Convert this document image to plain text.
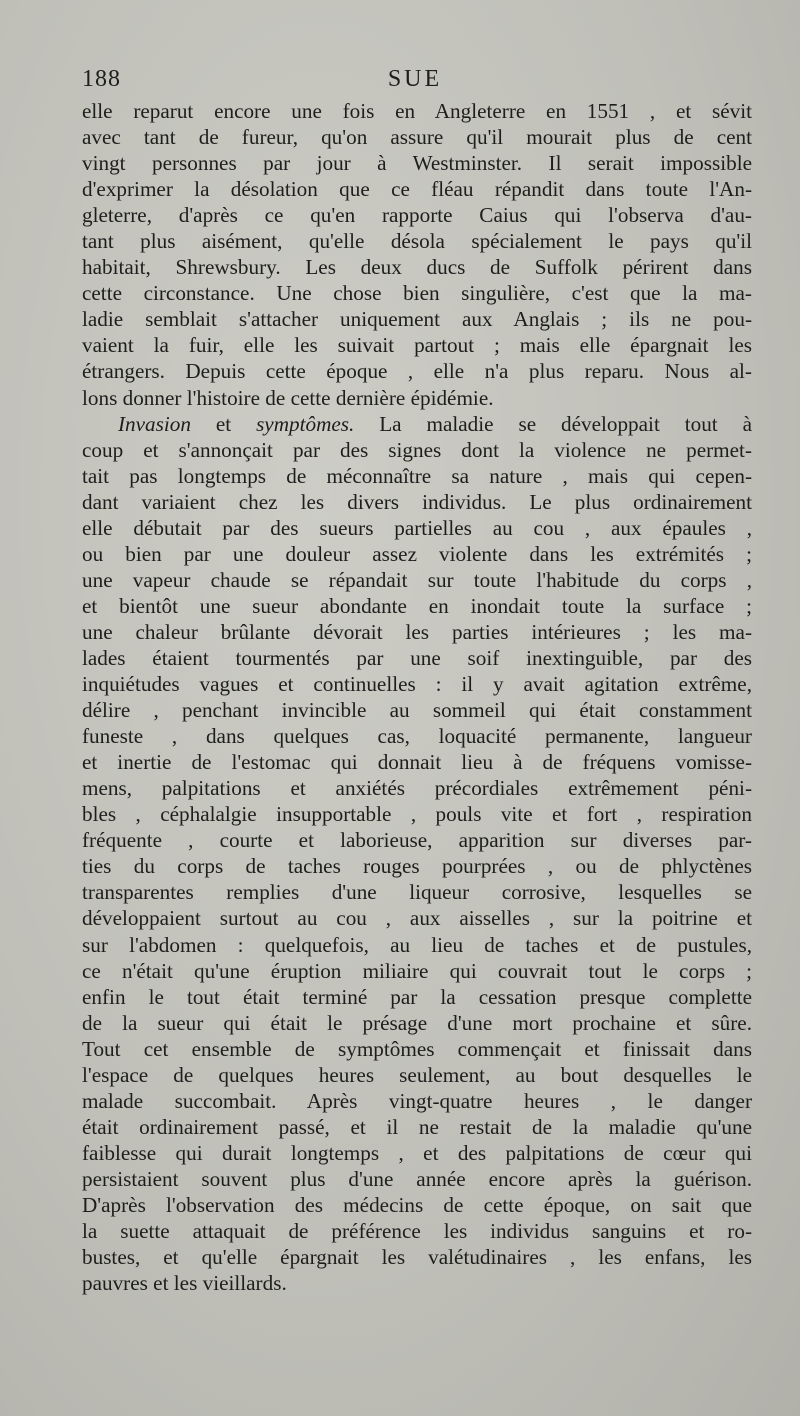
188	SUE
elle reparut encore une fois en Angleterre en 1551 , et sévit
avec tant de fureur, qu'on assure qu'il mourait plus de cent
vingt personnes par jour à Westminster. Il serait impossible
d'exprimer la désolation que ce fléau répandit dans toute l'An-
gleterre, d'après ce qu'en rapporte Caius qui l'observa d'au-
tant plus aisément, qu'elle désola spécialement le pays qu'il
habitait, Shrewsbury. Les deux ducs de Suffolk périrent dans
cette circonstance. Une chose bien singulière, c'est que la ma-
ladie semblait s'attacher uniquement aux Anglais ; ils ne pou-
vaient la fuir, elle les suivait partout ; mais elle épargnait les
étrangers. Depuis cette époque , elle n'a plus reparu. Nous al-
lons donner l'histoire de cette dernière épidémie.
Invasion et symptômes. La maladie se développait tout à
coup et s'annonçait par des signes dont la violence ne permet-
tait pas longtemps de méconnaître sa nature , mais qui cepen-
dant variaient chez les divers individus. Le plus ordinairement
elle débutait par des sueurs partielles au cou , aux épaules ,
ou bien par une douleur assez violente dans les extrémités ;
une vapeur chaude se répandait sur toute l'habitude du corps ,
et bientôt une sueur abondante en inondait toute la surface ;
une chaleur brûlante dévorait les parties intérieures ; les ma-
lades étaient tourmentés par une soif inextinguible, par des
inquiétudes vagues et continuelles : il y avait agitation extrême,
délire , penchant invincible au sommeil qui était constamment
funeste , dans quelques cas, loquacité permanente, langueur
et inertie de l'estomac qui donnait lieu à de fréquens vomisse-
mens, palpitations et anxiétés précordiales extrêmement péni-
bles , céphalalgie insupportable , pouls vite et fort , respiration
fréquente , courte et laborieuse, apparition sur diverses par-
ties du corps de taches rouges pourprées , ou de phlyctènes
transparentes remplies d'une liqueur corrosive, lesquelles se
développaient surtout au cou , aux aisselles , sur la poitrine et
sur l'abdomen : quelquefois, au lieu de taches et de pustules,
ce n'était qu'une éruption miliaire qui couvrait tout le corps ;
enfin le tout était terminé par la cessation presque complette
de la sueur qui était le présage d'une mort prochaine et sûre.
Tout cet ensemble de symptômes commençait et finissait dans
l'espace de quelques heures seulement, au bout desquelles le
malade succombait. Après vingt-quatre heures , le danger
était ordinairement passé, et il ne restait de la maladie qu'une
faiblesse qui durait longtemps , et des palpitations de cœur qui
persistaient souvent plus d'une année encore après la guérison.
D'après l'observation des médecins de cette époque, on sait que
la suette attaquait de préférence les individus sanguins et ro-
bustes, et qu'elle épargnait les valétudinaires , les enfans, les
pauvres et les vieillards.
